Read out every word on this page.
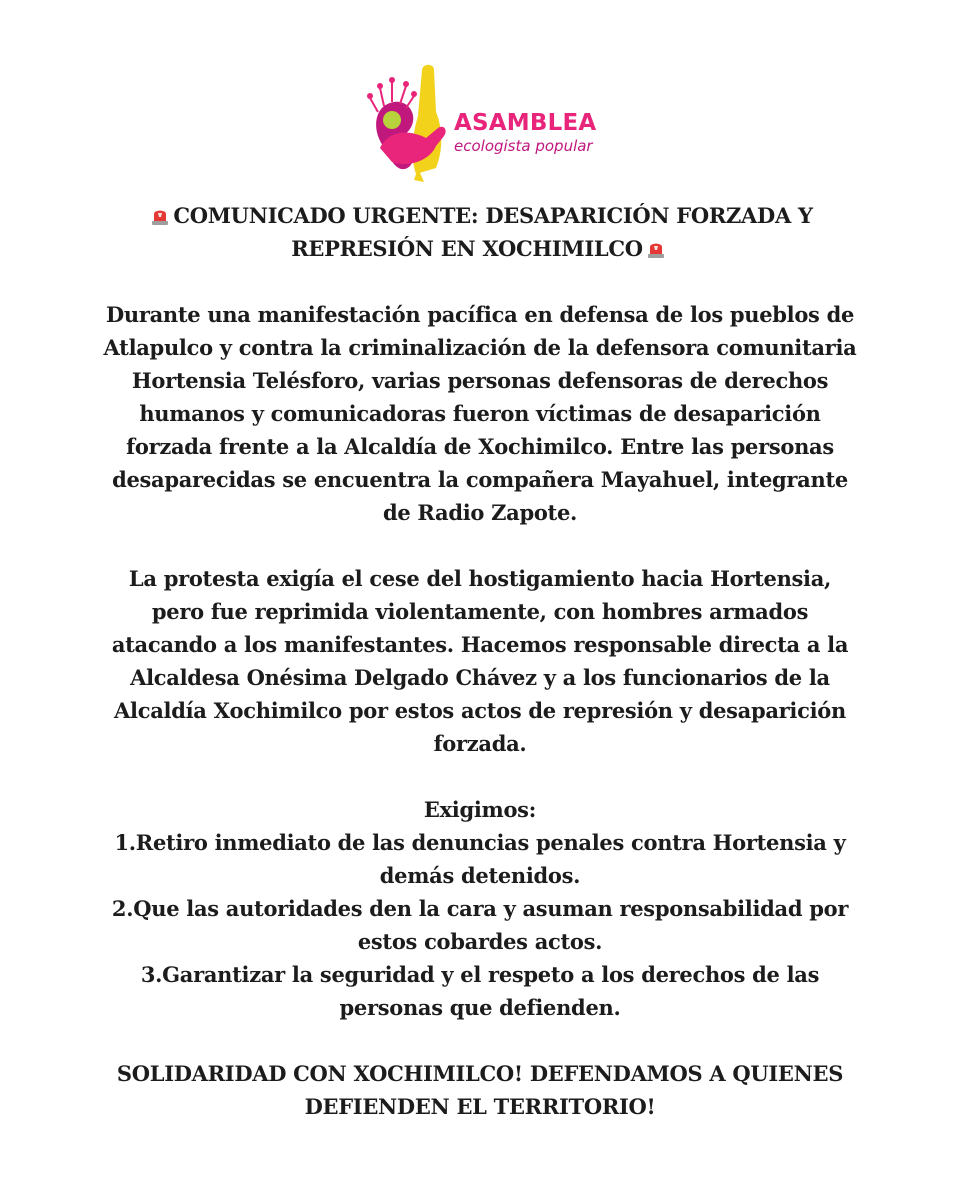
ASAMBLEA
ecologista popular

COMUNICADO URGENTE: DESAPARICIÓN FORZADA Y

REPRESIÓN EN XOCHIMILCO

Durante una manifestación pacífica en defensa de los pueblos de

Atlapulco y contra la criminalización de la defensora comunitaria

Hortensia Telésforo, varias personas defensoras de derechos

humanos y comunicadoras fueron víctimas de desaparición

forzada frente a la Alcaldía de Xochimilco. Entre las personas

desaparecidas se encuentra la compañera Mayahuel, integrante

de Radio Zapote.

La protesta exigía el cese del hostigamiento hacia Hortensia,

pero fue reprimida violentamente, con hombres armados

atacando a los manifestantes. Hacemos responsable directa a la

Alcaldesa Onésima Delgado Chávez y a los funcionarios de la

Alcaldía Xochimilco por estos actos de represión y desaparición

forzada.

Exigimos:

1.Retiro inmediato de las denuncias penales contra Hortensia y

demás detenidos.

2.Que las autoridades den la cara y asuman responsabilidad por

estos cobardes actos.

3.Garantizar la seguridad y el respeto a los derechos de las

personas que defienden.

SOLIDARIDAD CON XOCHIMILCO! DEFENDAMOS A QUIENES

DEFIENDEN EL TERRITORIO!
